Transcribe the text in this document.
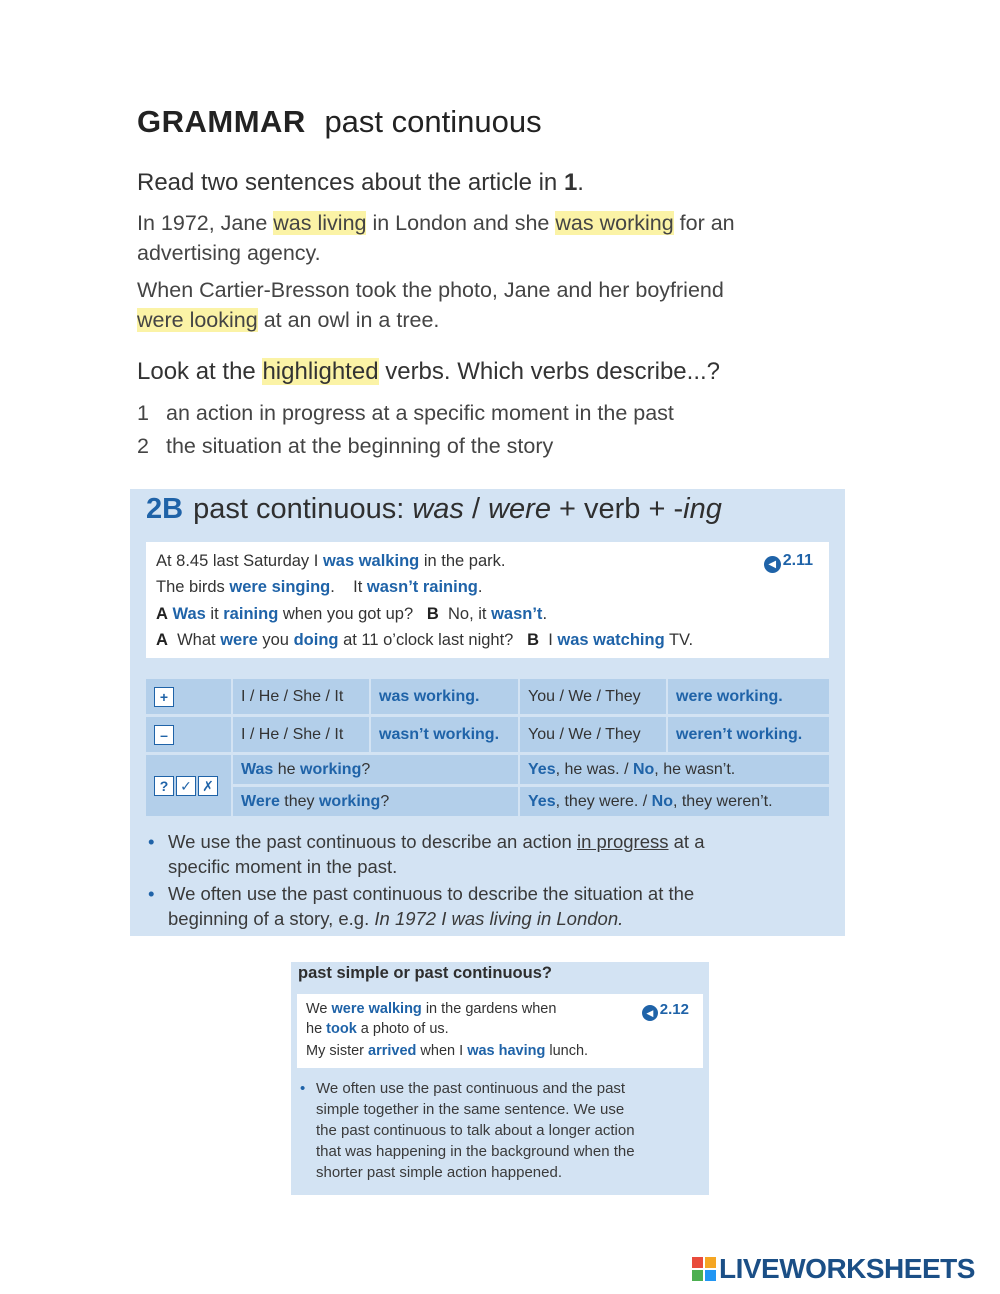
GRAMMAR past continuous
Read two sentences about the article in 1.
In 1972, Jane was living in London and she was working for an
advertising agency.
When Cartier-Bresson took the photo, Jane and her boyfriend
were looking at an owl in a tree.
Look at the highlighted verbs. Which verbs describe...?
1 an action in progress at a specific moment in the past
2 the situation at the beginning of the story
2B past continuous: was / were + verb + -ing
◀ 2.11
At 8.45 last Saturday I was walking in the park.
The birds were singing.    It wasn’t raining.
A Was it raining when you got up?   B  No, it wasn’t.
A  What were you doing at 11 o’clock last night?   B  I was watching TV.
+	I / He / She / It	was working.	You / We / They	were working.
–	I / He / She / It	wasn’t working.	You / We / They	weren’t working.
? ✓ ✗
Was he working ?	Yes , he was. / No , he wasn’t.
Were they working ?	Yes , they were. / No , they weren’t.
• We use the past continuous to describe an action in progress at a
specific moment in the past.
• We often use the past continuous to describe the situation at the
beginning of a story, e.g. In 1972 I was living in London.
past simple or past continuous?
◀ 2.12
We were walking in the gardens when
he took a photo of us.
My sister arrived when I was having lunch.
• We often use the past continuous and the past
simple together in the same sentence. We use
the past continuous to talk about a longer action
that was happening in the background when the
shorter past simple action happened.
LIVEWORKSHEETS
